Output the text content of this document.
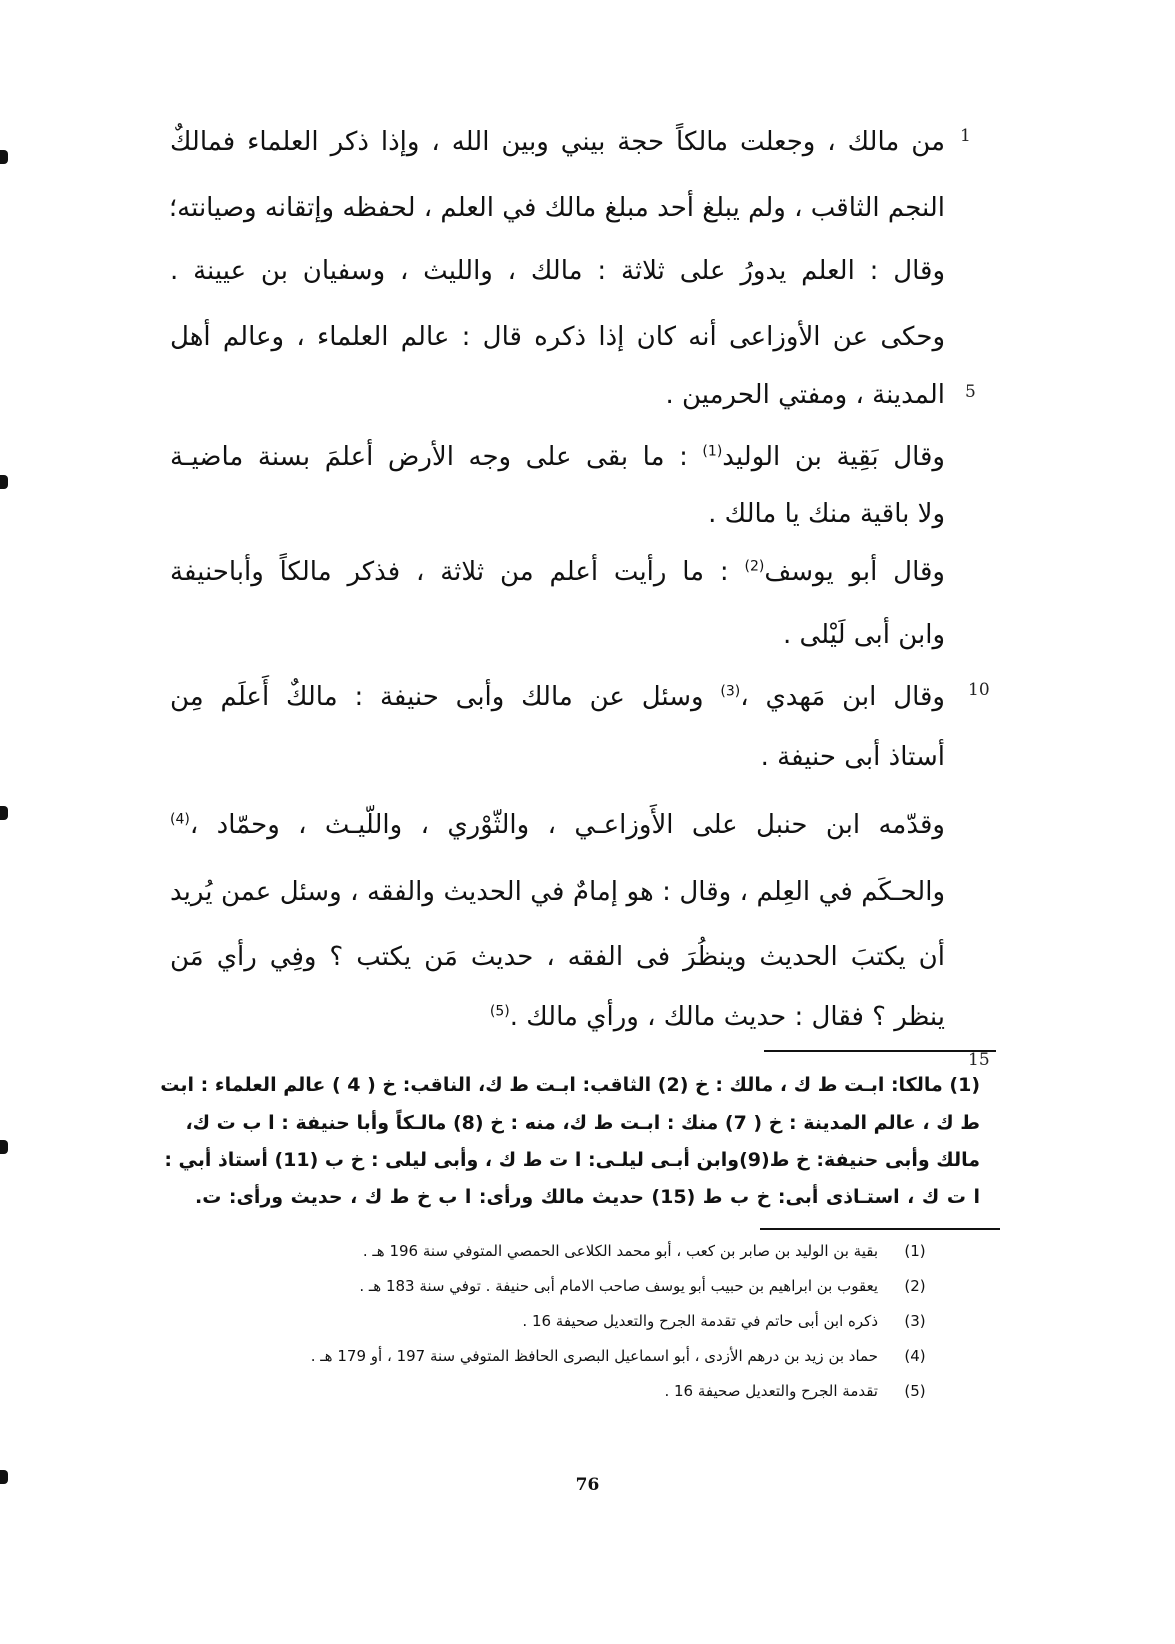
1
5
10
15
من مالك ، وجعلت مالكاً حجة بيني وبين الله ، وإذا ذكر العلماء فمالكٌ
النجم الثاقب ، ولم يبلغ أحد مبلغ مالك في العلم ، لحفظه وإتقانه وصيانته؛
وقال : العلم يدورُ على ثلاثة : مالك ، والليث ، وسفيان بن عيينة .
وحكى عن الأوزاعى أنه كان إذا ذكره قال : عالم العلماء ، وعالم أهل
المدينة ، ومفتي الحرمين .
وقال بَقِية بن الوليد$^{(1)}$ : ما بقى على وجه الأرض أعلمَ بسنة ماضيـة
ولا باقية منك يا مالك .
وقال أبو يوسف$^{(2)}$ : ما رأيت أعلم من ثلاثة ، فذكر مالكاً وأباحنيفة
وابن أبى لَيْلى .
وقال ابن مَهدي ،$^{(3)}$ وسئل عن مالك وأبى حنيفة : مالكٌ أَعلَم مِن
أستاذ أبى حنيفة .
وقدّمه ابن حنبل على الأَوزاعـي ، والثّوْري ، واللّيـث ، وحمّاد ،$^{(4)}$
والحـكَم في العِلم ، وقال : هو إمامٌ في الحديث والفقه ، وسئل عمن يُريد
أن يكتبَ الحديث وينظُرَ فى الفقه ، حديث مَن يكتب ؟ وفِي رأي مَن
ينظر ؟ فقال : حديث مالك ، ورأي مالك .$^{(5)}$
(1) مالكا: ابـت ط ك ، مالك : خ (2) الثاقب: ابـت ط ك، الناقب: خ ( 4 ) عالم العلماء : ابت
ط ك ، عالم المدينة : خ ( 7) منك : ابـت ط ك، منه : خ (8) مالـكاً وأبا حنيفة : ا ب ت ك،
مالك وأبى حنيفة: خ ط(9)وابن أبـى ليلـى: ا ت ط ك ، وأبى ليلى : خ ب (11) أستاذ أبي :
ا ت ك ، استـاذى أبى: خ ب ط (15) حديث مالك ورأى: ا ب خ ط ك ، حديث ورأى: ت.
(1)
بقية بن الوليد بن صابر بن كعب ، أبو محمد الكلاعى الحمصي المتوفي سنة 196 هـ .
(2)
يعقوب بن ابراهيم بن حبيب أبو يوسف صاحب الامام أبى حنيفة . توفي سنة 183 هـ .
(3)
ذكره ابن أبى حاتم في تقدمة الجرح والتعديل صحيفة 16 .
(4)
حماد بن زيد بن درهم الأزدى ، أبو اسماعيل البصرى الحافظ المتوفي سنة 197 ، أو 179 هـ .
(5)
تقدمة الجرح والتعديل صحيفة 16 .
76
